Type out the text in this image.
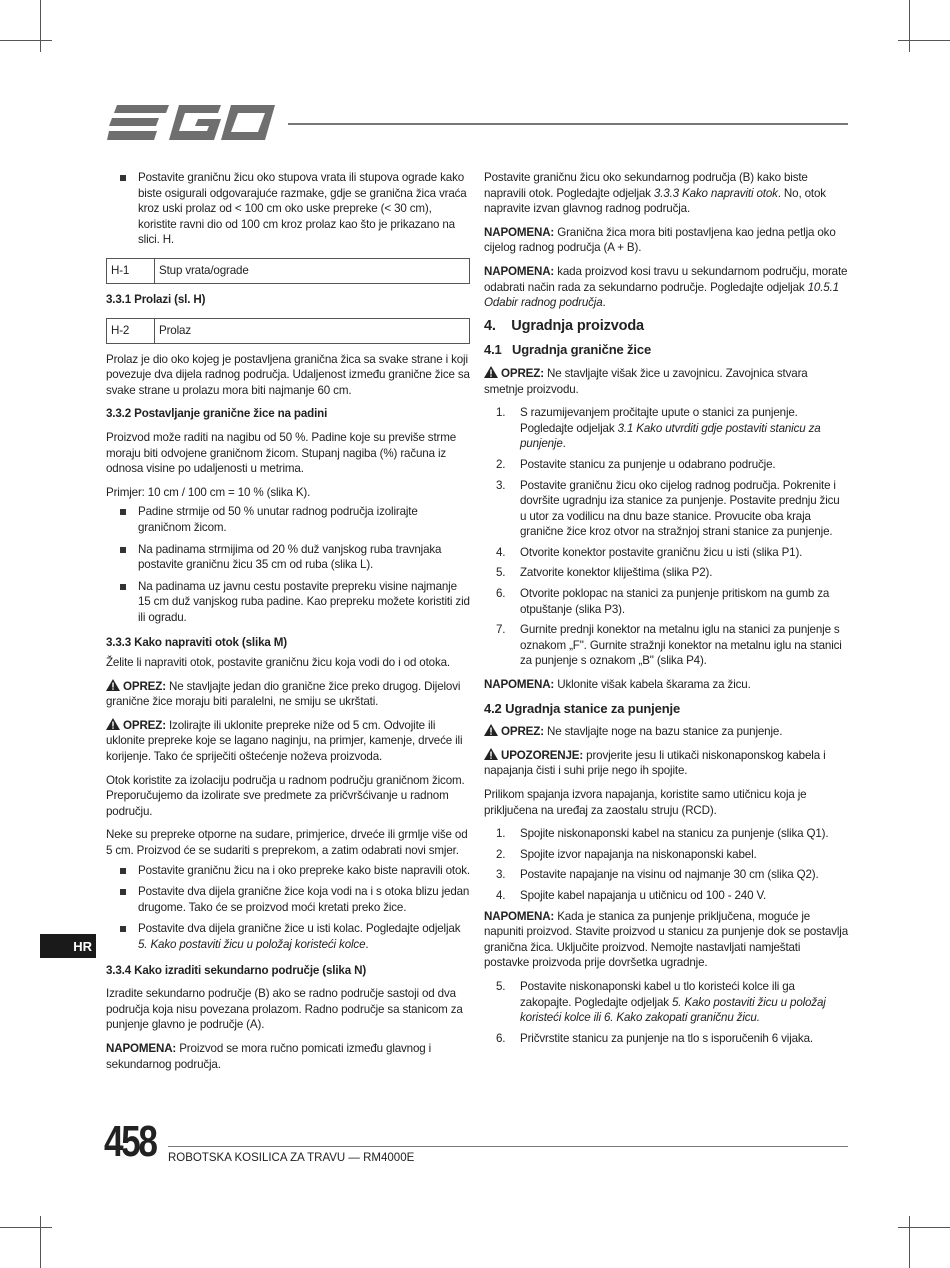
Postavite graničnu žicu oko stupova vrata ili stupova ograde kako biste osigurali odgovarajuće razmake, gdje se granična žica vraća kroz uski prolaz od < 100 cm oko uske prepreke (< 30 cm), koristite ravni dio od 100 cm kroz prolaz kao što je prikazano na slici. H.
H-1	Stup vrata/ograde

3.3.1 Prolazi (sl. H)

H-2	Prolaz

Prolaz je dio oko kojeg je postavljena granična žica sa svake strane i koji povezuje dva dijela radnog područja. Udaljenost između granične žice sa svake strane u prolazu mora biti najmanje 60 cm.

3.3.2 Postavljanje granične žice na padini

Proizvod može raditi na nagibu od 50 %. Padine koje su previše strme moraju biti odvojene graničnom žicom. Stupanj nagiba (%) računa iz odnosa visine po udaljenosti u metrima.

Primjer: 10 cm / 100 cm = 10 % (slika K).

Padine strmije od 50 % unutar radnog područja izolirajte graničnom žicom.
Na padinama strmijima od 20 % duž vanjskog ruba travnjaka postavite graničnu žicu 35 cm od ruba (slika L).
Na padinama uz javnu cestu postavite prepreku visine najmanje 15 cm duž vanjskog ruba padine. Kao prepreku možete koristiti zid ili ogradu.

3.3.3 Kako napraviti otok (slika M)

Želite li napraviti otok, postavite graničnu žicu koja vodi do i od otoka.

OPREZ: Ne stavljajte jedan dio granične žice preko drugog. Dijelovi granične žice moraju biti paralelni, ne smiju se ukrštati.

OPREZ: Izolirajte ili uklonite prepreke niže od 5 cm. Odvojite ili uklonite prepreke koje se lagano naginju, na primjer, kamenje, drveće ili korijenje. Tako će spriječiti oštećenje noževa proizvoda.

Otok koristite za izolaciju područja u radnom području graničnom žicom. Preporučujemo da izolirate sve predmete za pričvršćivanje u radnom području.

Neke su prepreke otporne na sudare, primjerice, drveće ili grmlje više od 5 cm. Proizvod će se sudariti s preprekom, a zatim odabrati novi smjer.

Postavite graničnu žicu na i oko prepreke kako biste napravili otok.
Postavite dva dijela granične žice koja vodi na i s otoka blizu jedan drugome. Tako će se proizvod moći kretati preko žice.
Postavite dva dijela granične žice u isti kolac. Pogledajte odjeljak 5. Kako postaviti žicu u položaj koristeći kolce.

3.3.4 Kako izraditi sekundarno područje (slika N)

Izradite sekundarno područje (B) ako se radno područje sastoji od dva područja koja nisu povezana prolazom. Radno područje sa stanicom za punjenje glavno je područje (A).

NAPOMENA: Proizvod se mora ručno pomicati između glavnog i sekundarnog područja.

Postavite graničnu žicu oko sekundarnog područja (B) kako biste napravili otok. Pogledajte odjeljak 3.3.3 Kako napraviti otok. No, otok napravite izvan glavnog radnog područja.

NAPOMENA: Granična žica mora biti postavljena kao jedna petlja oko cijelog radnog područja (A + B).

NAPOMENA: kada proizvod kosi travu u sekundarnom području, morate odabrati način rada za sekundarno područje. Pogledajte odjeljak 10.5.1 Odabir radnog područja.

4.    Ugradnja proizvoda
4.1   Ugradnja granične žice

OPREZ: Ne stavljajte višak žice u zavojnicu. Zavojnica stvara smetnje proizvodu.

1. S razumijevanjem pročitajte upute o stanici za punjenje. Pogledajte odjeljak 3.1 Kako utvrditi gdje postaviti stanicu za punjenje.
2. Postavite stanicu za punjenje u odabrano područje.
3. Postavite graničnu žicu oko cijelog radnog područja. Pokrenite i dovršite ugradnju iza stanice za punjenje. Postavite prednju žicu u utor za vodilicu na dnu baze stanice. Provucite oba kraja granične žice kroz otvor na stražnjoj strani stanice za punjenje.
4. Otvorite konektor postavite graničnu žicu u isti (slika P1).
5. Zatvorite konektor kliještima (slika P2).
6. Otvorite poklopac na stanici za punjenje pritiskom na gumb za otpuštanje (slika P3).
7. Gurnite prednji konektor na metalnu iglu na stanici za punjenje s oznakom „F". Gurnite stražnji konektor na metalnu iglu na stanici za punjenje s oznakom „B" (slika P4).

NAPOMENA: Uklonite višak kabela škarama za žicu.

4.2 Ugradnja stanice za punjenje

OPREZ: Ne stavljajte noge na bazu stanice za punjenje.

UPOZORENJE: provjerite jesu li utikači niskonaponskog kabela i napajanja čisti i suhi prije nego ih spojite.

Prilikom spajanja izvora napajanja, koristite samo utičnicu koja je priključena na uređaj za zaostalu struju (RCD).

1. Spojite niskonaponski kabel na stanicu za punjenje (slika Q1).
2. Spojite izvor napajanja na niskonaponski kabel.
3. Postavite napajanje na visinu od najmanje 30 cm (slika Q2).
4. Spojite kabel napajanja u utičnicu od 100 - 240 V.

NAPOMENA: Kada je stanica za punjenje priključena, moguće je napuniti proizvod. Stavite proizvod u stanicu za punjenje dok se postavlja granična žica. Uključite proizvod. Nemojte nastavljati namještati postavke proizvoda prije dovršetka ugradnje.

5. Postavite niskonaponski kabel u tlo koristeći kolce ili ga zakopajte. Pogledajte odjeljak 5. Kako postaviti žicu u položaj koristeći kolce ili 6. Kako zakopati graničnu žicu.
6. Pričvrstite stanicu za punjenje na tlo s isporučenih 6 vijaka.
HR
458 ROBOTSKA KOSILICA ZA TRAVU — RM4000E
